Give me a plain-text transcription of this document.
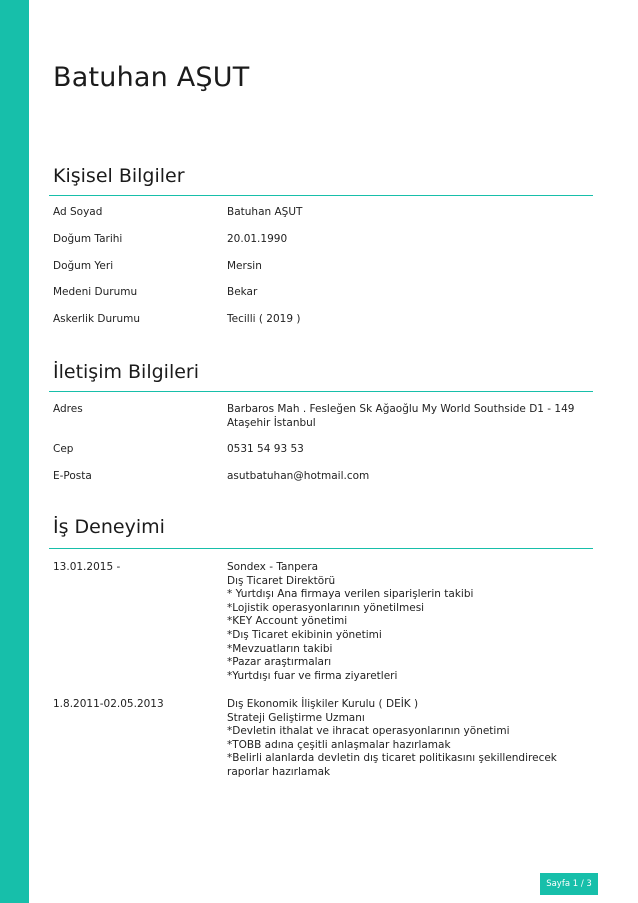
Batuhan AŞUT
Kişisel Bilgiler
Ad Soyad	Batuhan AŞUT
Doğum Tarihi	20.01.1990
Doğum Yeri	Mersin
Medeni Durumu	Bekar
Askerlik Durumu	Tecilli ( 2019 )
İletişim Bilgileri
Adres	Barbaros Mah . Fesleğen Sk Ağaoğlu My World Southside D1 - 149
Ataşehir İstanbul
Cep	0531 54 93 53
E-Posta	asutbatuhan@hotmail.com
İş Deneyimi
13.01.2015 -	Sondex - Tanpera
Dış Ticaret Direktörü
* Yurtdışı Ana firmaya verilen siparişlerin takibi
*Lojistik operasyonlarının yönetilmesi
*KEY Account yönetimi
*Dış Ticaret ekibinin yönetimi
*Mevzuatların takibi
*Pazar araştırmaları
*Yurtdışı fuar ve firma ziyaretleri
1.8.2011-02.05.2013	Dış Ekonomik İlişkiler Kurulu ( DEİK )
Strateji Geliştirme Uzmanı
*Devletin ithalat ve ihracat operasyonlarının yönetimi
*TOBB adına çeşitli anlaşmalar hazırlamak
*Belirli alanlarda devletin dış ticaret politikasını şekillendirecek
raporlar hazırlamak
Sayfa 1 / 3
